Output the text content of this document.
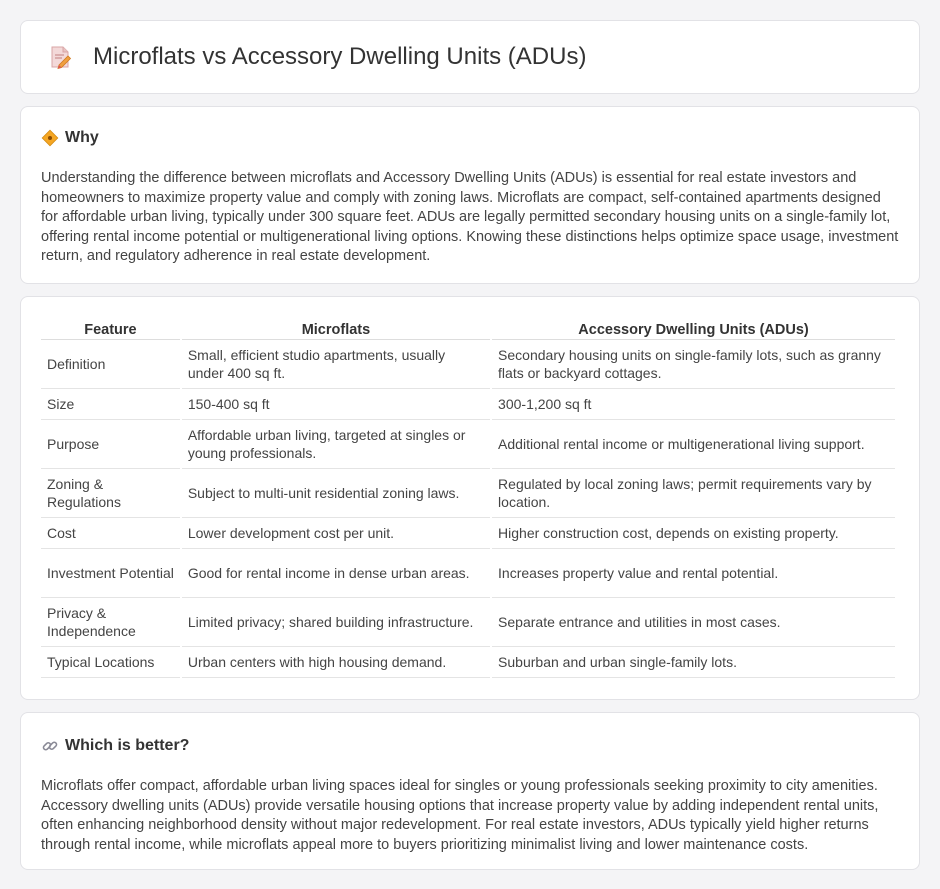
Microflats vs Accessory Dwelling Units (ADUs)
Why

Understanding the difference between microflats and Accessory Dwelling Units (ADUs) is essential for real estate investors and homeowners to maximize property value and comply with zoning laws. Microflats are compact, self-contained apartments designed for affordable urban living, typically under 300 square feet. ADUs are legally permitted secondary housing units on a single-family lot, offering rental income potential or multigenerational living options. Knowing these distinctions helps optimize space usage, investment return, and regulatory adherence in real estate development.

Feature	Microflats	Accessory Dwelling Units (ADUs)
Definition	Small, efficient studio apartments, usually under 400 sq ft.	Secondary housing units on single-family lots, such as granny flats or backyard cottages.
Size	150-400 sq ft	300-1,200 sq ft
Purpose	Affordable urban living, targeted at singles or young professionals.	Additional rental income or multigenerational living support.
Zoning & Regulations	Subject to multi-unit residential zoning laws.	Regulated by local zoning laws; permit requirements vary by location.
Cost	Lower development cost per unit.	Higher construction cost, depends on existing property.
Investment Potential	Good for rental income in dense urban areas.	Increases property value and rental potential.
Privacy & Independence	Limited privacy; shared building infrastructure.	Separate entrance and utilities in most cases.
Typical Locations	Urban centers with high housing demand.	Suburban and urban single-family lots.
Which is better?

Microflats offer compact, affordable urban living spaces ideal for singles or young professionals seeking proximity to city amenities. Accessory dwelling units (ADUs) provide versatile housing options that increase property value by adding independent rental units, often enhancing neighborhood density without major redevelopment. For real estate investors, ADUs typically yield higher returns through rental income, while microflats appeal more to buyers prioritizing minimalist living and lower maintenance costs.
